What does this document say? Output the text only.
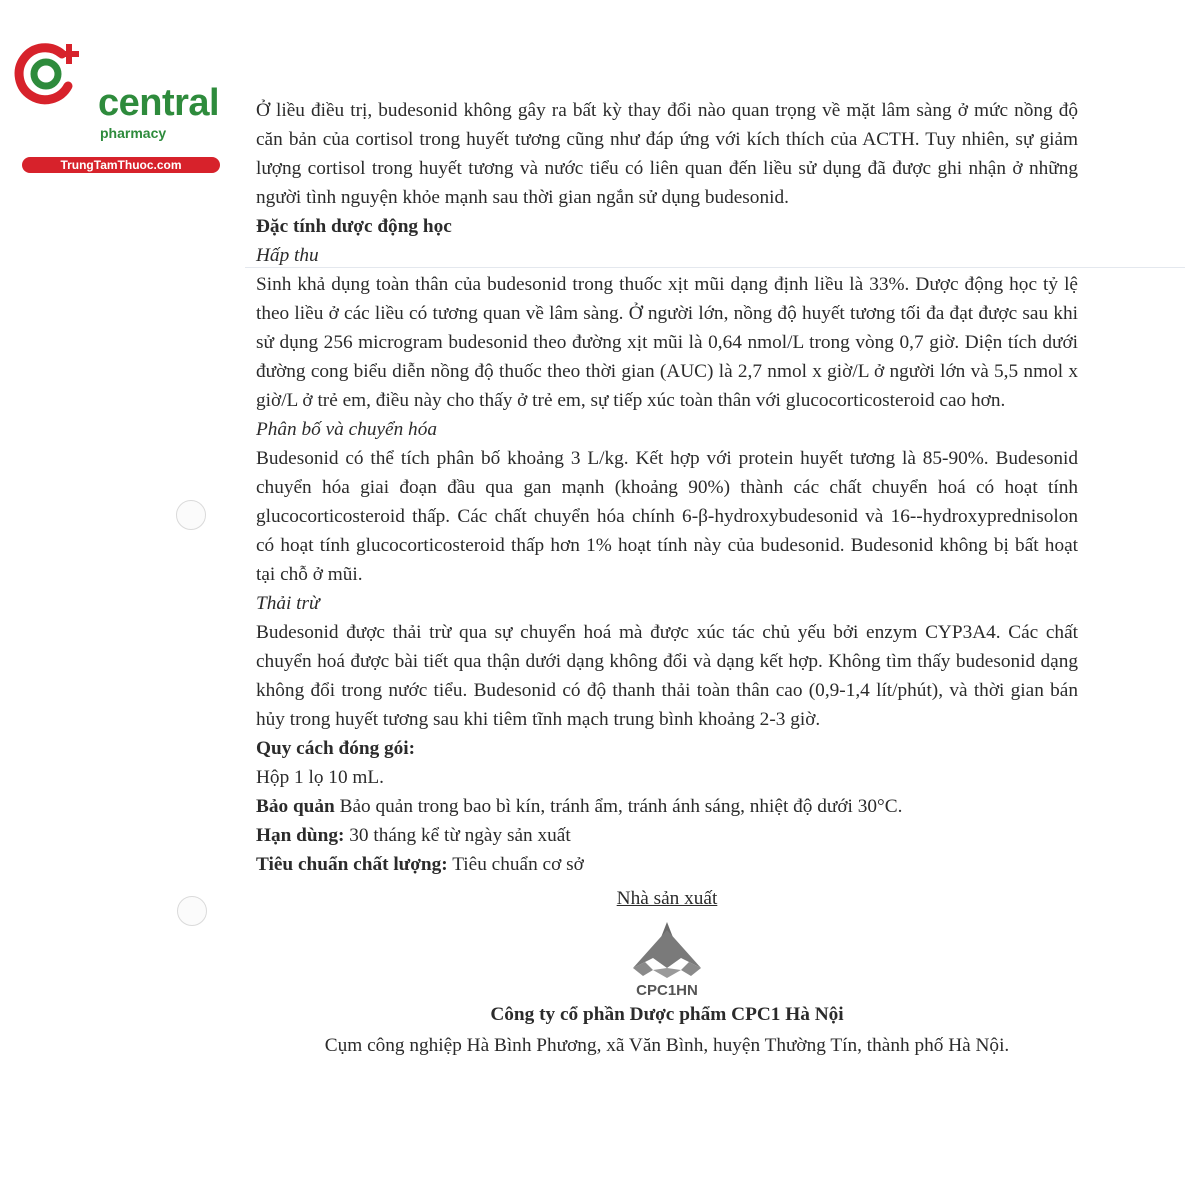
central

pharmacy
TrungTamThuoc.com

Ở liều điều trị, budesonid không gây ra bất kỳ thay đổi nào quan trọng về mặt lâm sàng ở mức nồng độ căn bản của cortisol trong huyết tương cũng như đáp ứng với kích thích của ACTH. Tuy nhiên, sự giảm lượng cortisol trong huyết tương và nước tiểu có liên quan đến liều sử dụng đã được ghi nhận ở những người tình nguyện khỏe mạnh sau thời gian ngắn sử dụng budesonid.

Đặc tính dược động học

Hấp thu

Sinh khả dụng toàn thân của budesonid trong thuốc xịt mũi dạng định liều là 33%. Dược động học tỷ lệ theo liều ở các liều có tương quan về lâm sàng. Ở người lớn, nồng độ huyết tương tối đa đạt được sau khi sử dụng 256 microgram budesonid theo đường xịt mũi là 0,64 nmol/L trong vòng 0,7 giờ. Diện tích dưới đường cong biểu diễn nồng độ thuốc theo thời gian (AUC) là 2,7 nmol x giờ/L ở người lớn và 5,5 nmol x giờ/L ở trẻ em, điều này cho thấy ở trẻ em, sự tiếp xúc toàn thân với glucocorticosteroid cao hơn.

Phân bố và chuyển hóa

Budesonid có thể tích phân bố khoảng 3 L/kg. Kết hợp với protein huyết tương là 85-90%. Budesonid chuyển hóa giai đoạn đầu qua gan mạnh (khoảng 90%) thành các chất chuyển hoá có hoạt tính glucocorticosteroid thấp. Các chất chuyển hóa chính 6-β-hydroxybudesonid và 16--hydroxyprednisolon có hoạt tính glucocorticosteroid thấp hơn 1% hoạt tính này của budesonid. Budesonid không bị bất hoạt tại chỗ ở mũi.

Thải trừ

Budesonid được thải trừ qua sự chuyển hoá mà được xúc tác chủ yếu bởi enzym CYP3A4. Các chất chuyển hoá được bài tiết qua thận dưới dạng không đổi và dạng kết hợp. Không tìm thấy budesonid dạng không đổi trong nước tiểu. Budesonid có độ thanh thải toàn thân cao (0,9-1,4 lít/phút), và thời gian bán hủy trong huyết tương sau khi tiêm tĩnh mạch trung bình khoảng 2-3 giờ.

Quy cách đóng gói:

Hộp 1 lọ 10 mL.

Bảo quản Bảo quản trong bao bì kín, tránh ẩm, tránh ánh sáng, nhiệt độ dưới 30°C.

Hạn dùng: 30 tháng kể từ ngày sản xuất

Tiêu chuẩn chất lượng: Tiêu chuẩn cơ sở

Nhà sản xuất

CPC1HN

Công ty cổ phần Dược phẩm CPC1 Hà Nội

Cụm công nghiệp Hà Bình Phương, xã Văn Bình, huyện Thường Tín, thành phố Hà Nội.
